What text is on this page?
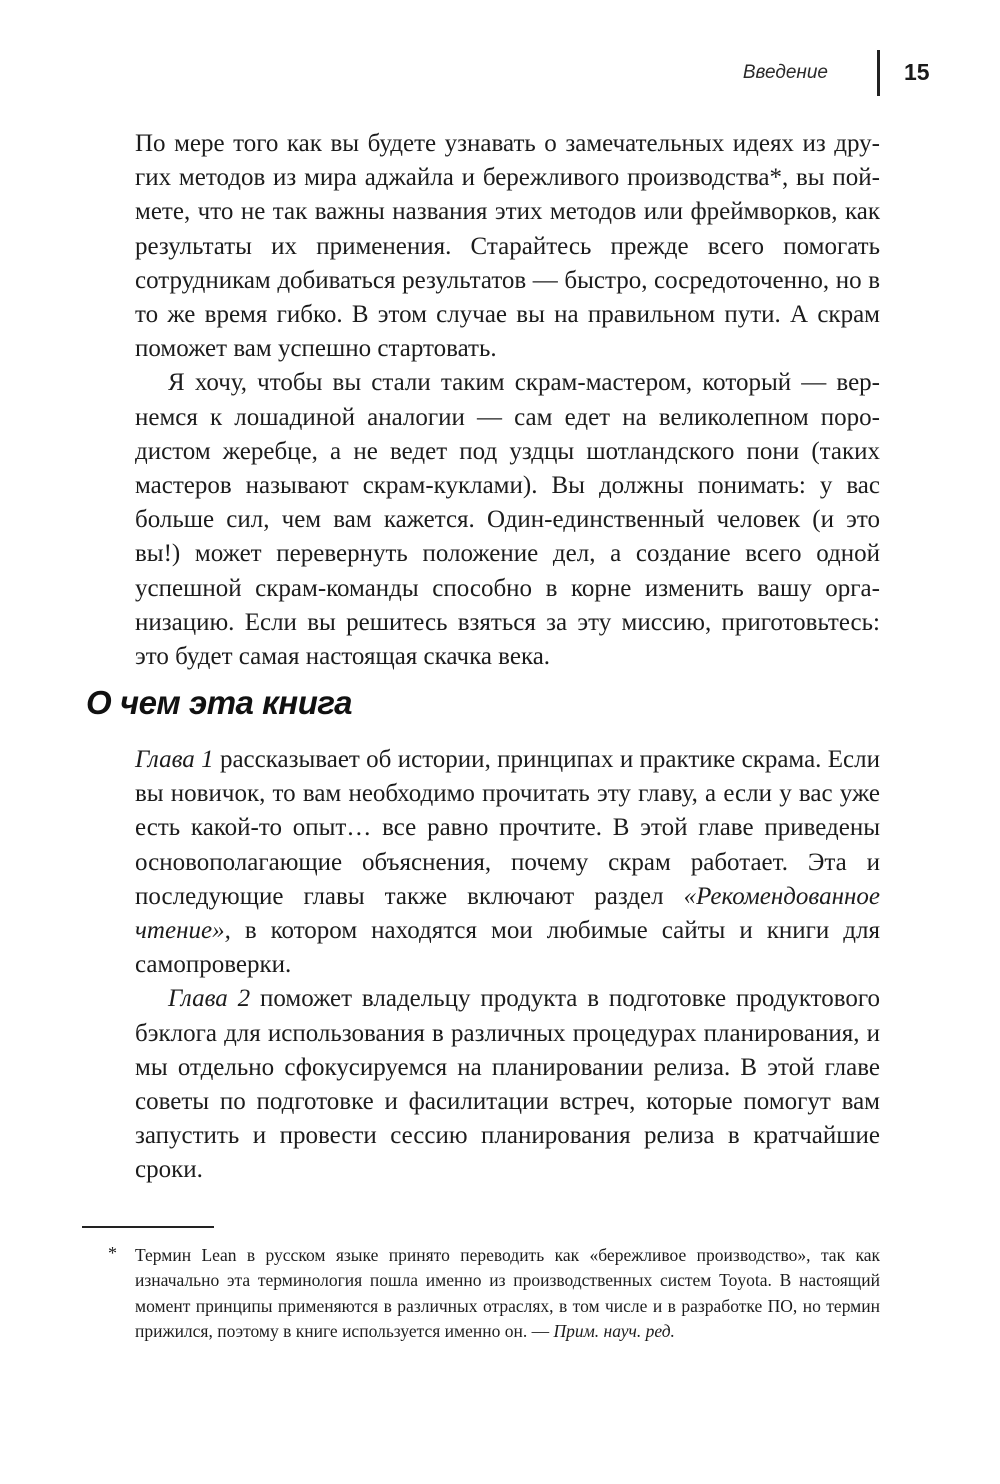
Введение	15

По мере того как вы будете узнавать о замечательных идеях из других методов из мира аджайла и бережливого производства*, вы поймете, что не так важны названия этих методов или фреймворков, как результаты их применения. Старайтесь прежде всего помогать сотрудникам добиваться результатов — быстро, сосредоточенно, но в то же время гибко. В этом случае вы на правильном пути. А скрам поможет вам успешно стартовать.

Я хочу, чтобы вы стали таким скрам-мастером, который — вернемся к лошадиной аналогии — сам едет на великолепном породистом жеребце, а не ведет под уздцы шотландского пони (таких мастеров называют скрам-куклами). Вы должны понимать: у вас больше сил, чем вам кажется. Один-единственный человек (и это вы!) может перевернуть положение дел, а создание всего одной успешной скрам-команды способно в корне изменить вашу организацию. Если вы решитесь взяться за эту миссию, приготовьтесь: это будет самая настоящая скачка века.

О чем эта книга

Глава 1 рассказывает об истории, принципах и практике скрама. Если вы новичок, то вам необходимо прочитать эту главу, а если у вас уже есть какой-то опыт… все равно прочтите. В этой главе приведены основополагающие объяснения, почему скрам работает. Эта и последующие главы также включают раздел «Рекомендованное чтение», в котором находятся мои любимые сайты и книги для самопроверки.

Глава 2 поможет владельцу продукта в подготовке продуктового бэклога для использования в различных процедурах планирования, и мы отдельно сфокусируемся на планировании релиза. В этой главе советы по подготовке и фасилитации встреч, которые помогут вам запустить и провести сессию планирования релиза в кратчайшие сроки.

* Термин Lean в русском языке принято переводить как «бережливое производство», так как изначально эта терминология пошла именно из производственных систем Toyota. В настоящий момент принципы применяются в различных отраслях, в том числе и в разработке ПО, но термин прижился, поэтому в книге используется именно он. — Прим. науч. ред.
